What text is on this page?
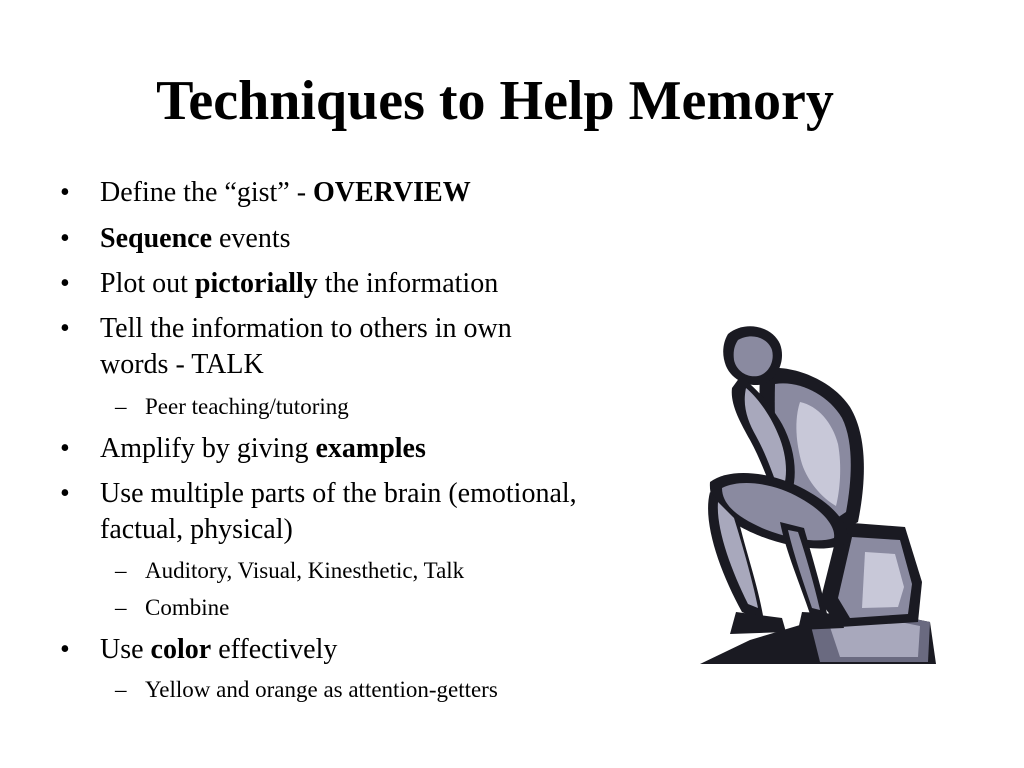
Techniques to Help Memory
• Define the “gist” - OVERVIEW
• Sequence events
• Plot out pictorially the information
• Tell the information to others in own
words - TALK
– Peer teaching/tutoring
• Amplify by giving examples
• Use multiple parts of the brain (emotional,
factual, physical)
– Auditory, Visual, Kinesthetic, Talk
– Combine
• Use color effectively
– Yellow and orange as attention-getters
